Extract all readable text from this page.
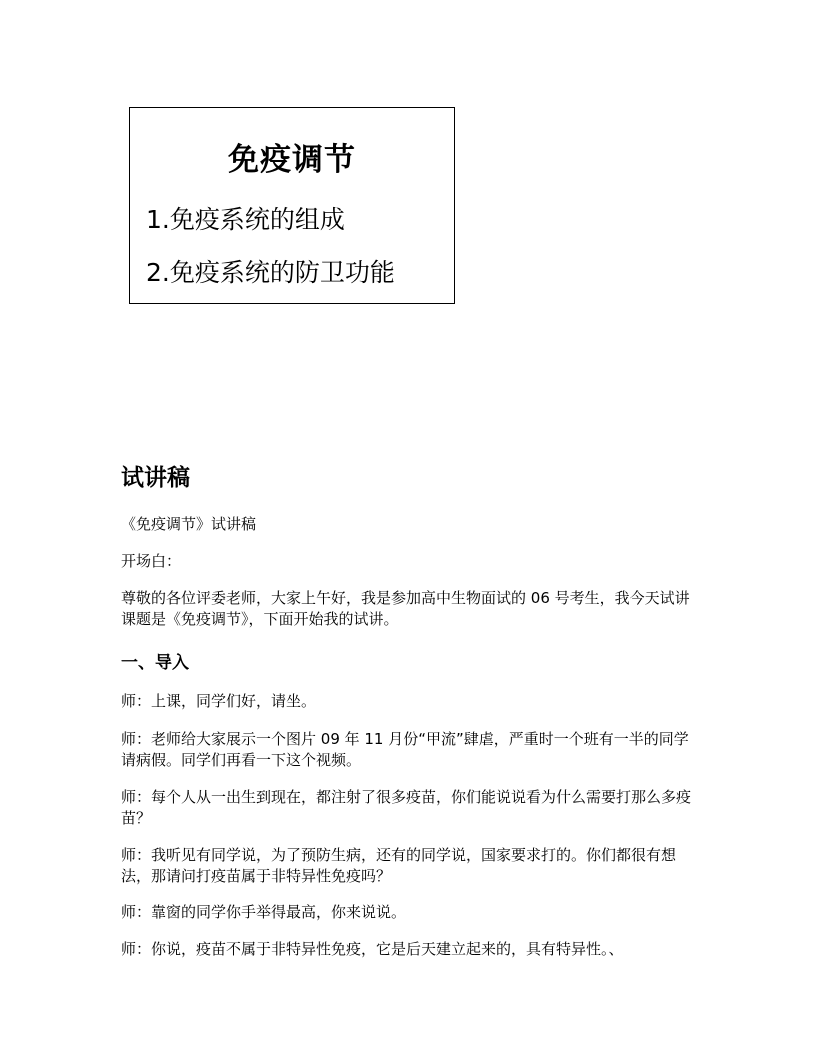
免疫调节
1.免疫系统的组成
2.免疫系统的防卫功能
试讲稿

《免疫调节》试讲稿

开场白：

尊敬的各位评委老师，大家上午好，我是参加高中生物面试的 06 号考生，我今天试讲课题是《免疫调节》，下面开始我的试讲。

一、导入

师：上课，同学们好，请坐。

师：老师给大家展示一个图片 09 年 11 月份“甲流”肆虐，严重时一个班有一半的同学请病假。同学们再看一下这个视频。

师：每个人从一出生到现在，都注射了很多疫苗，你们能说说看为什么需要打那么多疫苗？

师：我听见有同学说，为了预防生病，还有的同学说，国家要求打的。你们都很有想法，那请问打疫苗属于非特异性免疫吗？

师：靠窗的同学你手举得最高，你来说说。

师：你说，疫苗不属于非特异性免疫，它是后天建立起来的，具有特异性。、
